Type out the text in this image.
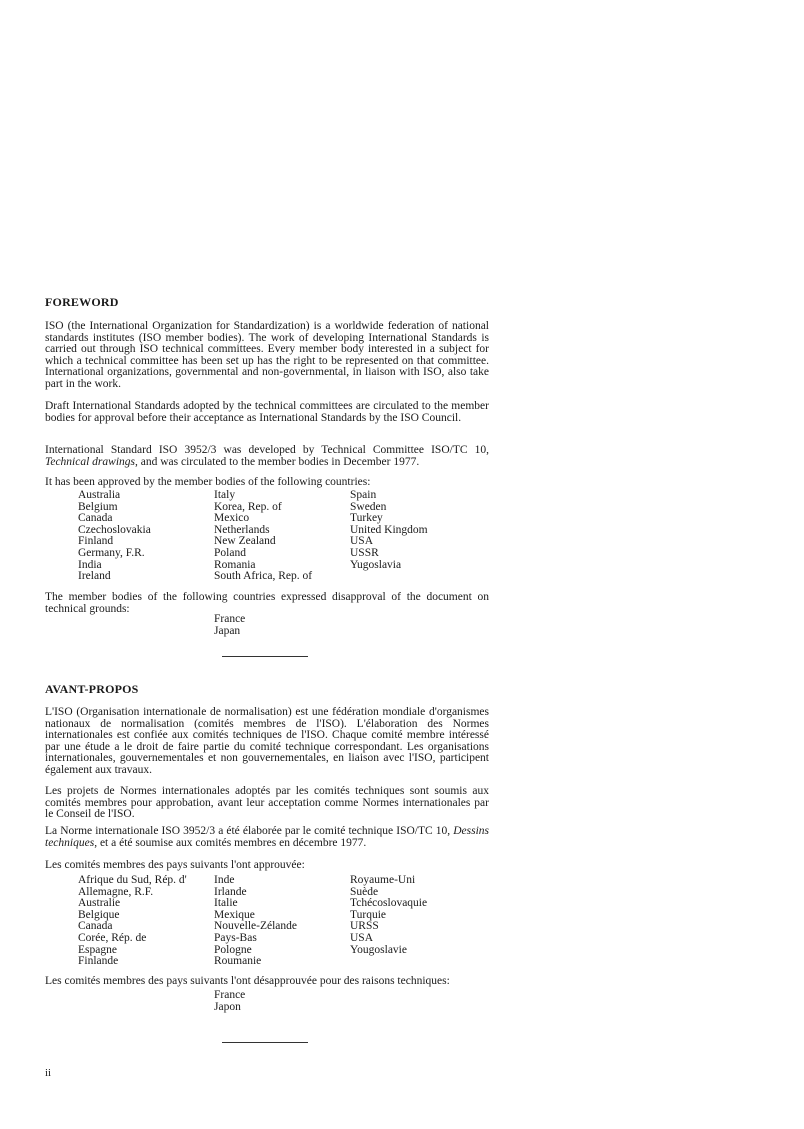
FOREWORD

ISO (the International Organization for Standardization) is a worldwide federation of national standards institutes (ISO member bodies). The work of developing International Standards is carried out through ISO technical committees. Every member body interested in a subject for which a technical committee has been set up has the right to be represented on that committee. International organizations, governmental and non-governmental, in liaison with ISO, also take part in the work.

Draft International Standards adopted by the technical committees are circulated to the member bodies for approval before their acceptance as International Standards by the ISO Council.

International Standard ISO 3952/3 was developed by Technical Committee ISO/TC 10, Technical drawings, and was circulated to the member bodies in December 1977.

It has been approved by the member bodies of the following countries:

Australia
Belgium
Canada
Czechoslovakia
Finland
Germany, F.R.
India
Ireland
Italy
Korea, Rep. of
Mexico
Netherlands
New Zealand
Poland
Romania
South Africa, Rep. of
Spain
Sweden
Turkey
United Kingdom
USA
USSR
Yugoslavia

The member bodies of the following countries expressed disapproval of the document on technical grounds:

France
Japan
AVANT-PROPOS

L'ISO (Organisation internationale de normalisation) est une fédération mondiale d'organismes nationaux de normalisation (comités membres de l'ISO). L'élaboration des Normes internationales est confiée aux comités techniques de l'ISO. Chaque comité membre intéressé par une étude a le droit de faire partie du comité technique correspondant. Les organisations internationales, gouvernementales et non gouvernementales, en liaison avec l'ISO, participent également aux travaux.

Les projets de Normes internationales adoptés par les comités techniques sont soumis aux comités membres pour approbation, avant leur acceptation comme Normes internationales par le Conseil de l'ISO.

La Norme internationale ISO 3952/3 a été élaborée par le comité technique ISO/TC 10, Dessins techniques, et a été soumise aux comités membres en décembre 1977.

Les comités membres des pays suivants l'ont approuvée:

Afrique du Sud, Rép. d'
Allemagne, R.F.
Australie
Belgique
Canada
Corée, Rép. de
Espagne
Finlande
Inde
Irlande
Italie
Mexique
Nouvelle-Zélande
Pays-Bas
Pologne
Roumanie
Royaume-Uni
Suède
Tchécoslovaquie
Turquie
URSS
USA
Yougoslavie

Les comités membres des pays suivants l'ont désapprouvée pour des raisons techniques:

France
Japon
ii
